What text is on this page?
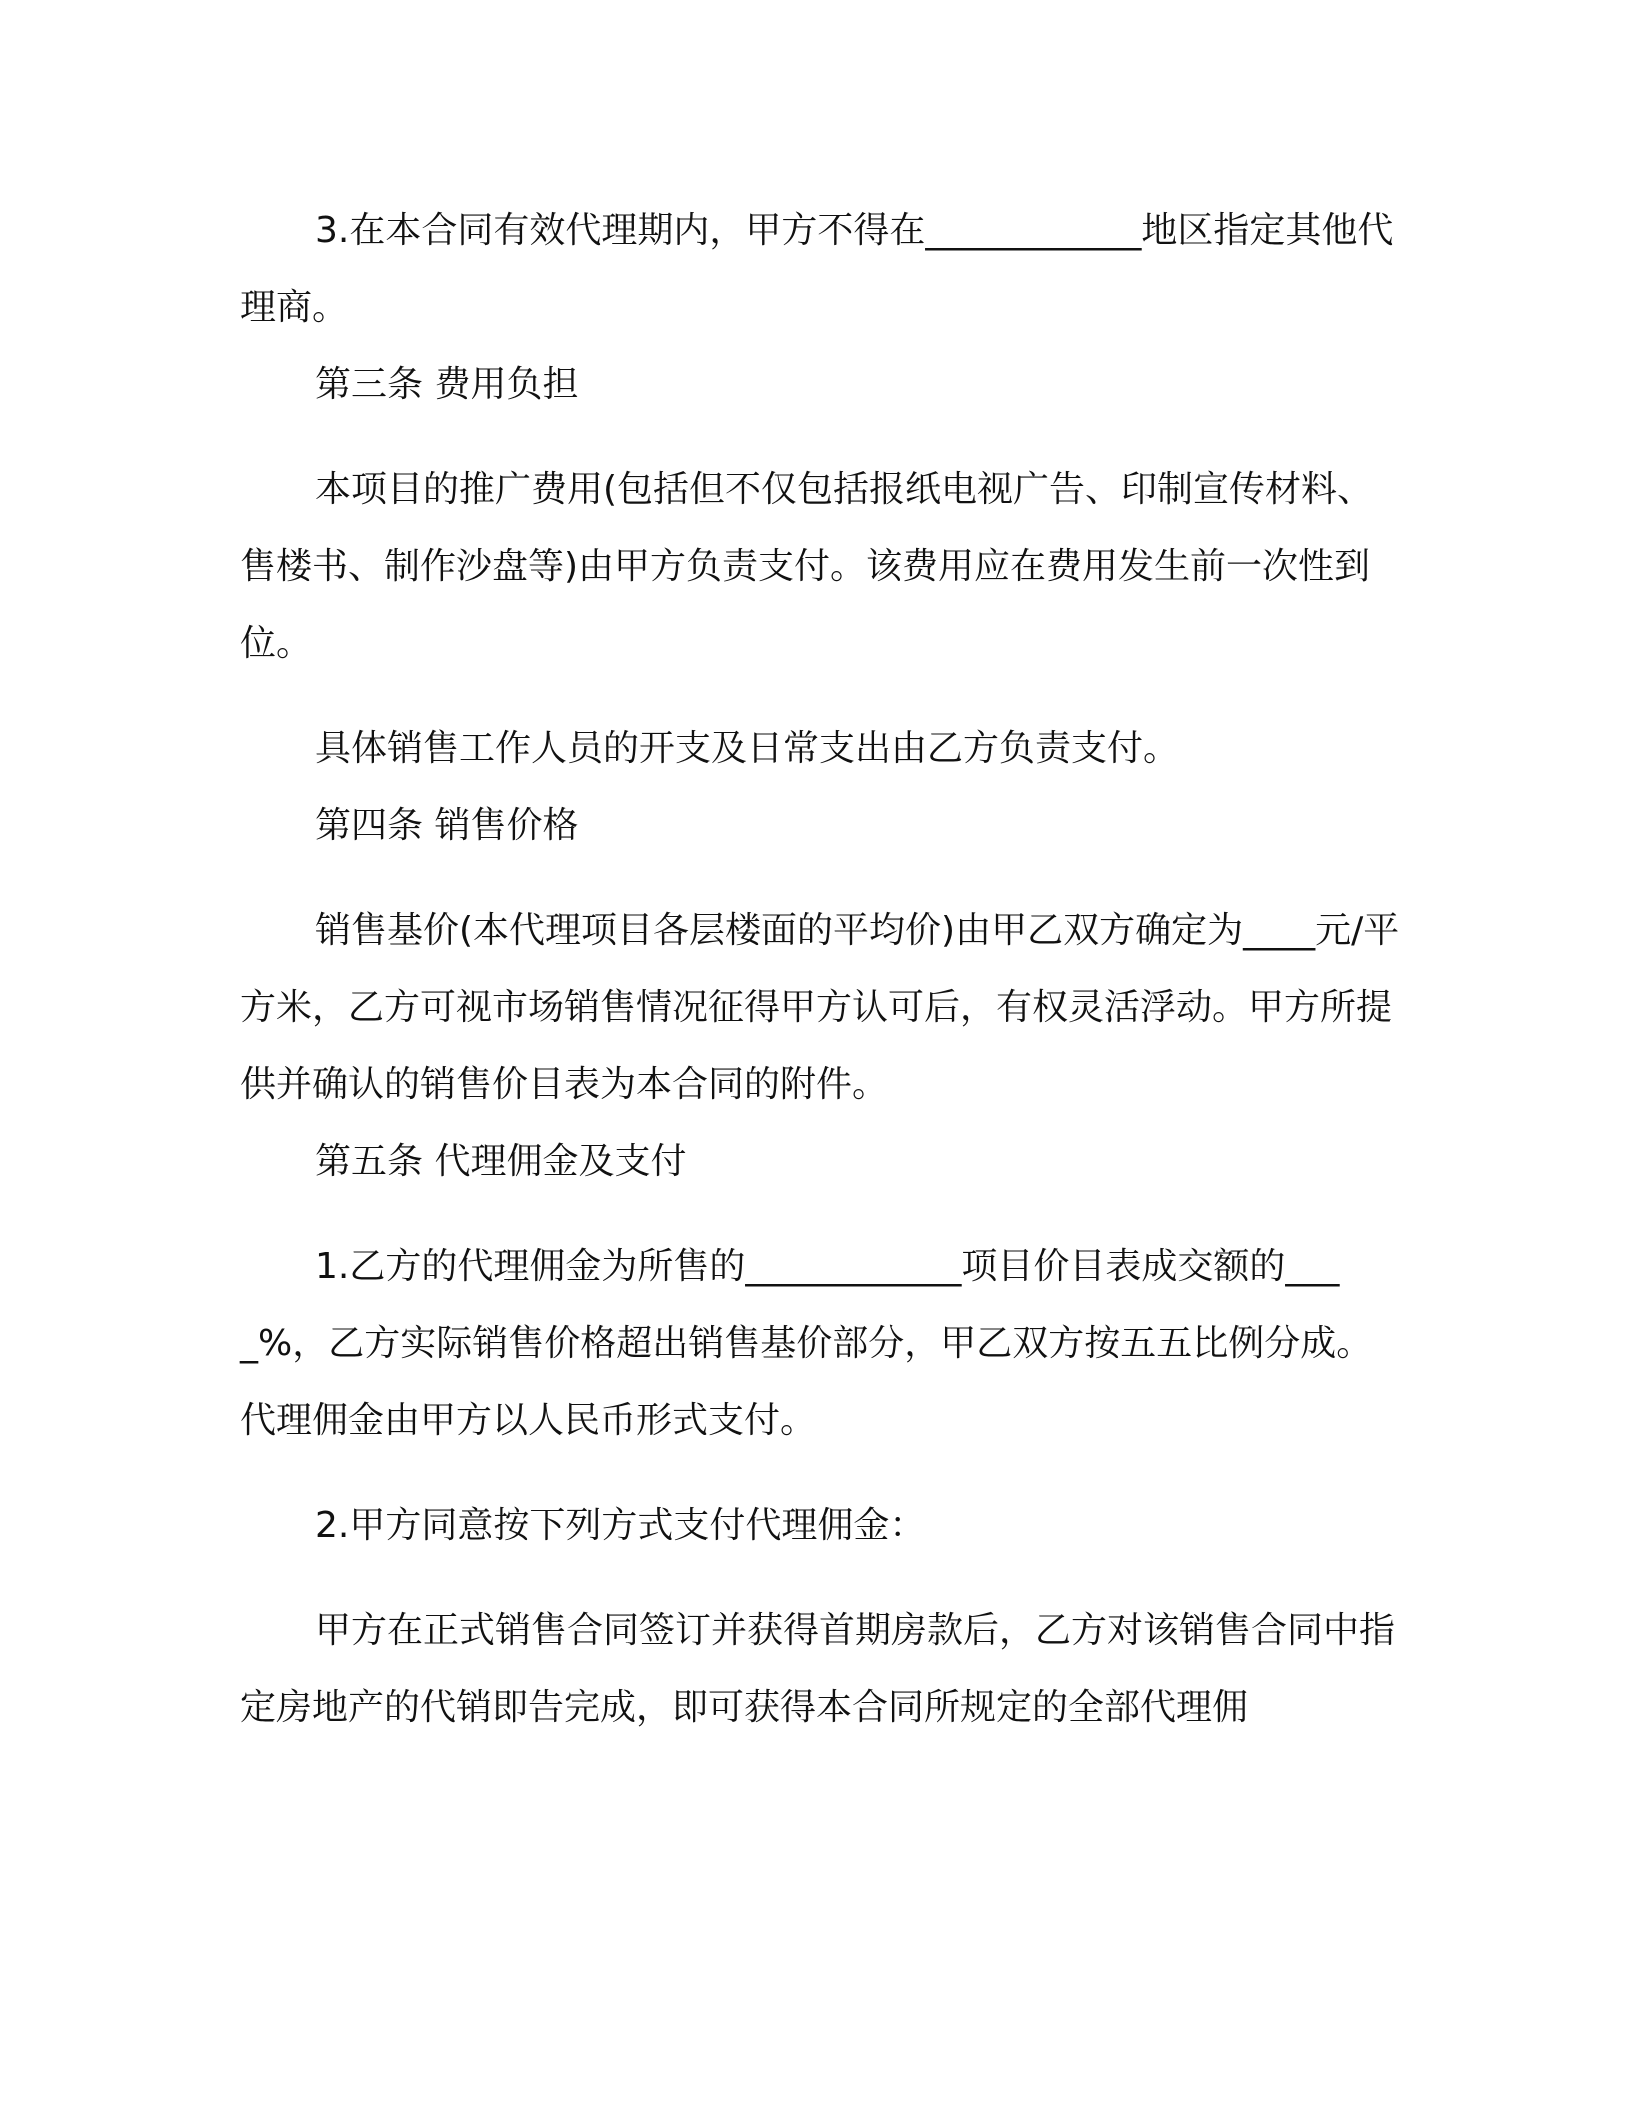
3.在本合同有效代理期内，甲方不得在____________地区指定其他代理商。

第三条 费用负担

本项目的推广费用(包括但不仅包括报纸电视广告、印制宣传材料、售楼书、制作沙盘等)由甲方负责支付。该费用应在费用发生前一次性到位。

具体销售工作人员的开支及日常支出由乙方负责支付。

第四条 销售价格

销售基价(本代理项目各层楼面的平均价)由甲乙双方确定为____元/平方米，乙方可视市场销售情况征得甲方认可后，有权灵活浮动。甲方所提供并确认的销售价目表为本合同的附件。

第五条 代理佣金及支付

1.乙方的代理佣金为所售的____________项目价目表成交额的____%，乙方实际销售价格超出销售基价部分，甲乙双方按五五比例分成。代理佣金由甲方以人民币形式支付。

2.甲方同意按下列方式支付代理佣金：

甲方在正式销售合同签订并获得首期房款后，乙方对该销售合同中指定房地产的代销即告完成，即可获得本合同所规定的全部代理佣
